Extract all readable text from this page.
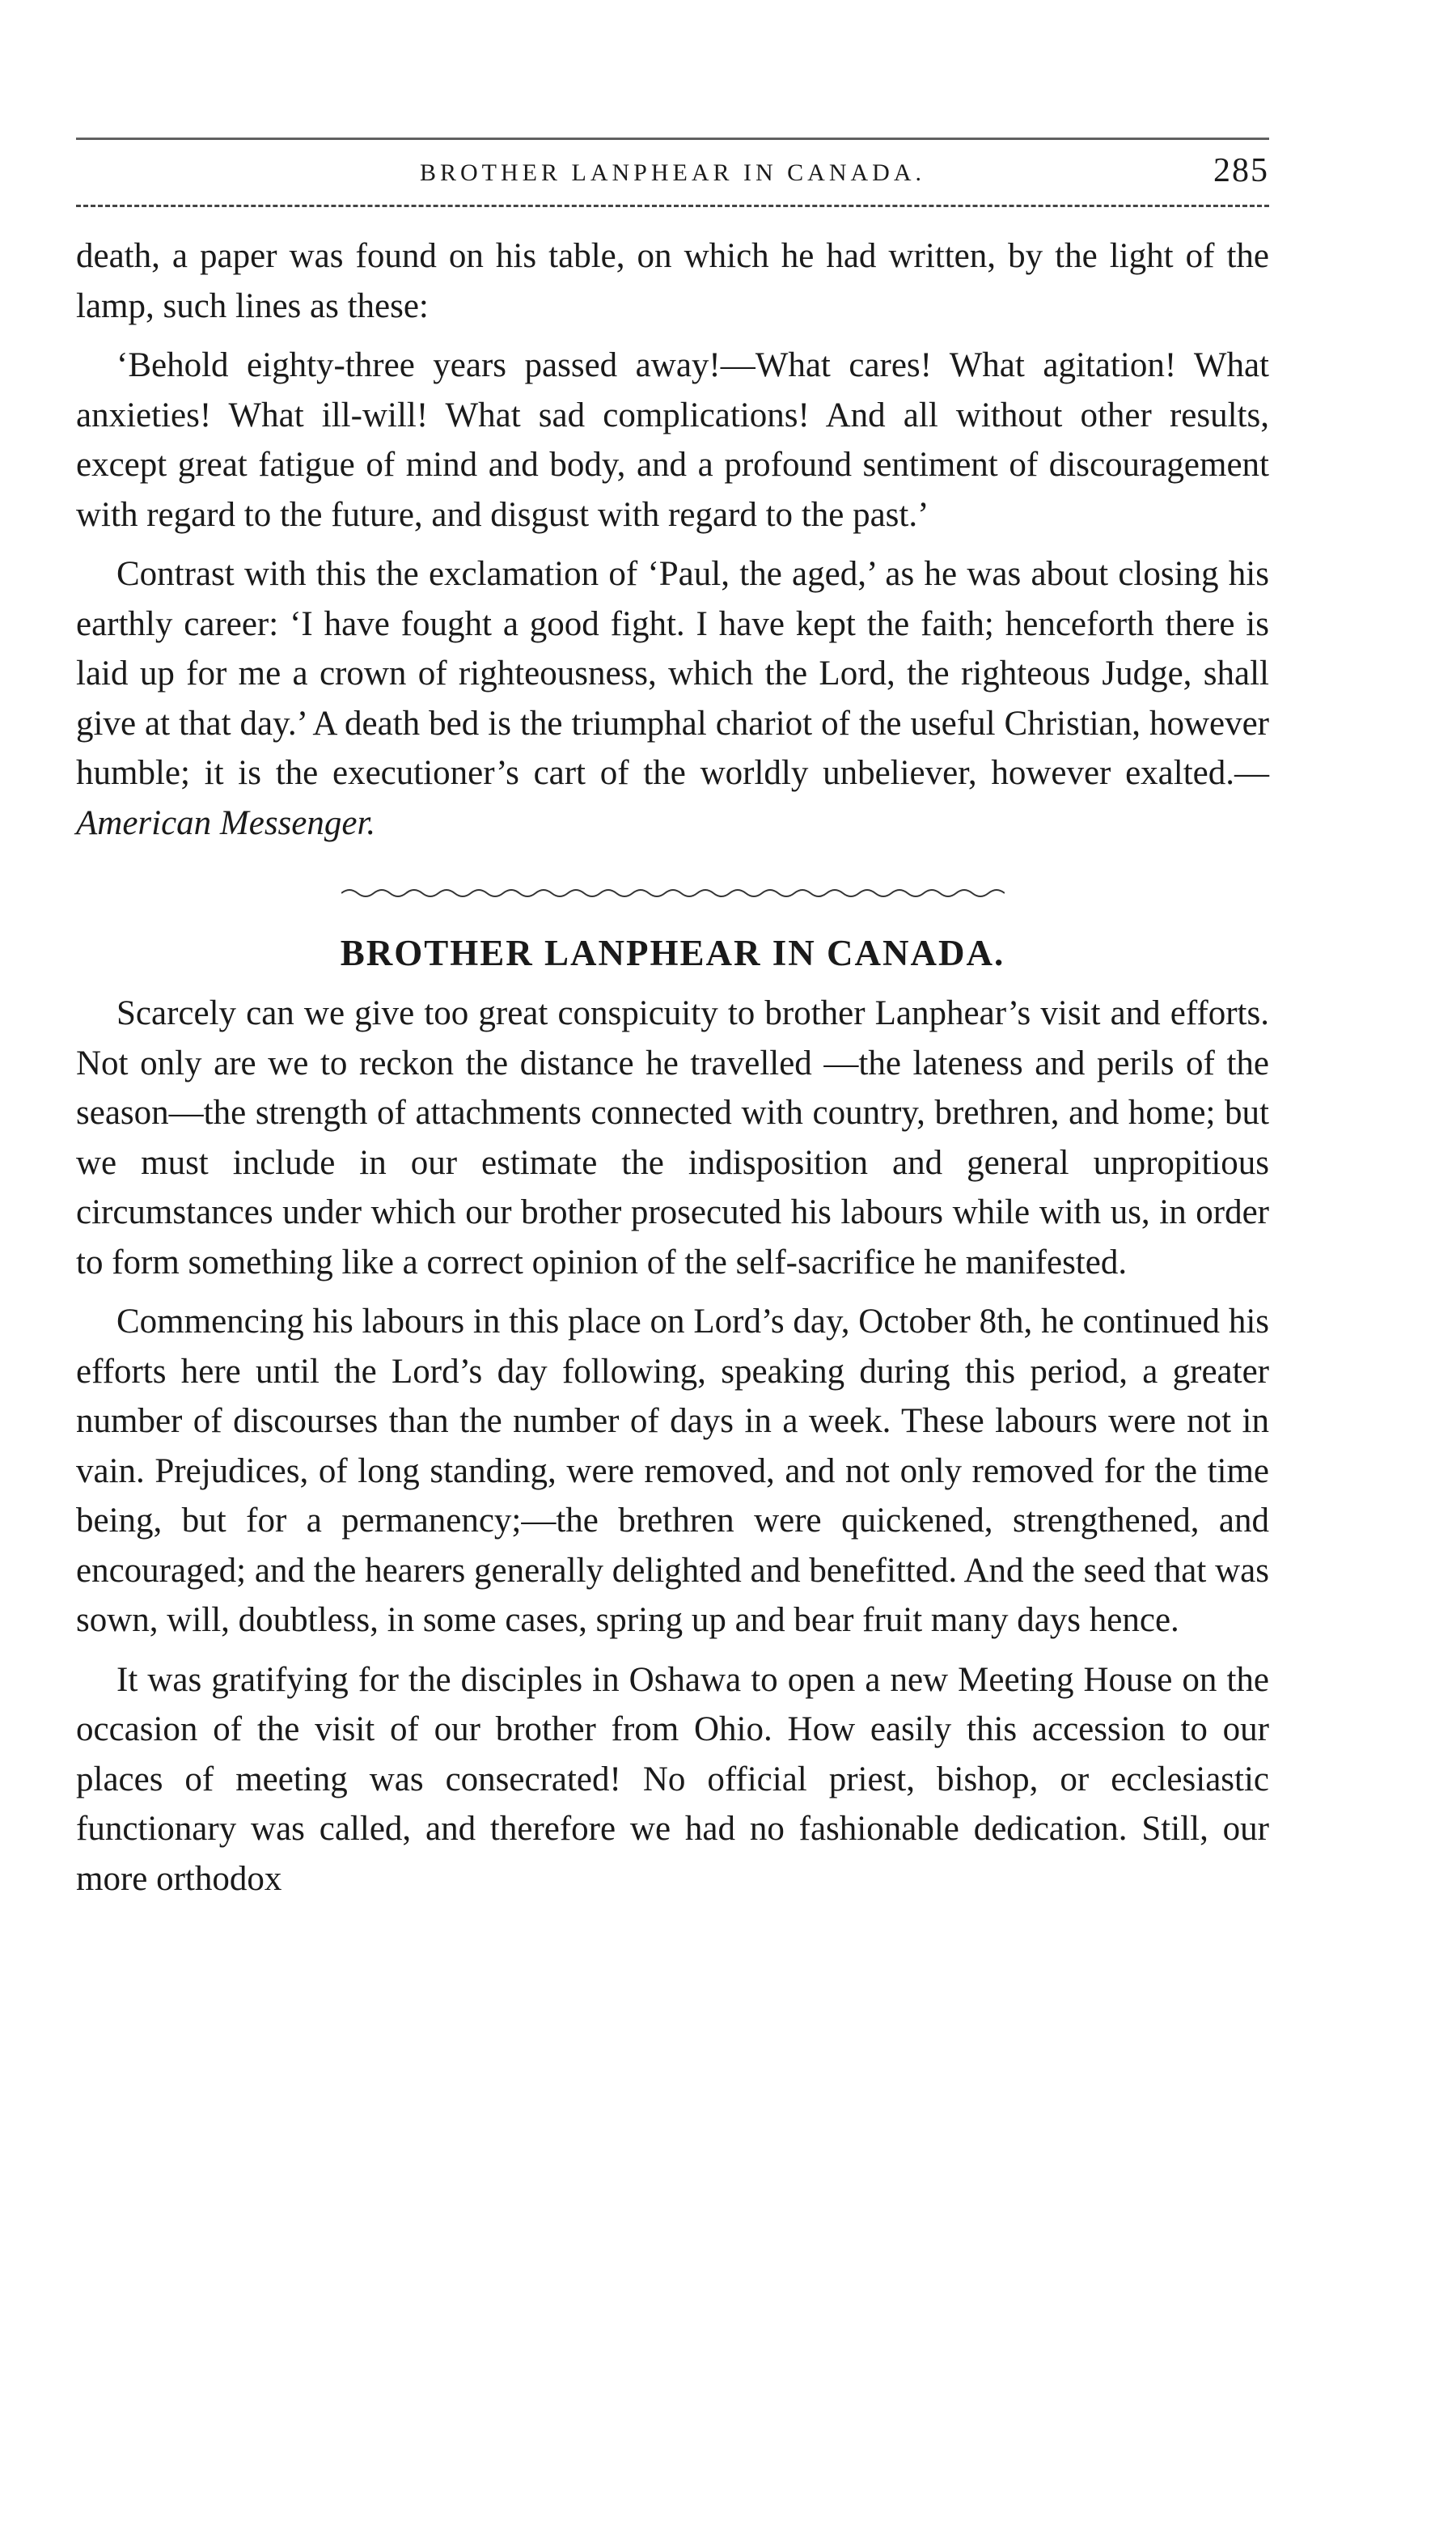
BROTHER LANPHEAR IN CANADA.	285

death, a paper was found on his table, on which he had written, by the light of the lamp, such lines as these:

‘Behold eighty-three years passed away!—What cares! What agitation! What anxieties! What ill-will! What sad complications! And all without other results, except great fatigue of mind and body, and a profound sentiment of discouragement with regard to the future, and disgust with regard to the past.’

Contrast with this the exclamation of ‘Paul, the aged,’ as he was about closing his earthly career: ‘I have fought a good fight. I have kept the faith; henceforth there is laid up for me a crown of righteousness, which the Lord, the righteous Judge, shall give at that day.’ A death bed is the triumphal chariot of the useful Christian, however humble; it is the executioner’s cart of the worldly unbeliever, however exalted.—American Messenger.

BROTHER LANPHEAR IN CANADA.

Scarcely can we give too great conspicuity to brother Lanphear’s visit and efforts. Not only are we to reckon the distance he travelled —the lateness and perils of the season—the strength of attachments connected with country, brethren, and home; but we must include in our estimate the indisposition and general unpropitious circumstances under which our brother prosecuted his labours while with us, in order to form something like a correct opinion of the self-sacrifice he manifested.

Commencing his labours in this place on Lord’s day, October 8th, he continued his efforts here until the Lord’s day following, speaking during this period, a greater number of discourses than the number of days in a week. These labours were not in vain. Prejudices, of long standing, were removed, and not only removed for the time being, but for a permanency;—the brethren were quickened, strengthened, and encouraged; and the hearers generally delighted and benefitted. And the seed that was sown, will, doubtless, in some cases, spring up and bear fruit many days hence.

It was gratifying for the disciples in Oshawa to open a new Meeting House on the occasion of the visit of our brother from Ohio. How easily this accession to our places of meeting was consecrated! No official priest, bishop, or ecclesiastic functionary was called, and therefore we had no fashionable dedication. Still, our more orthodox
